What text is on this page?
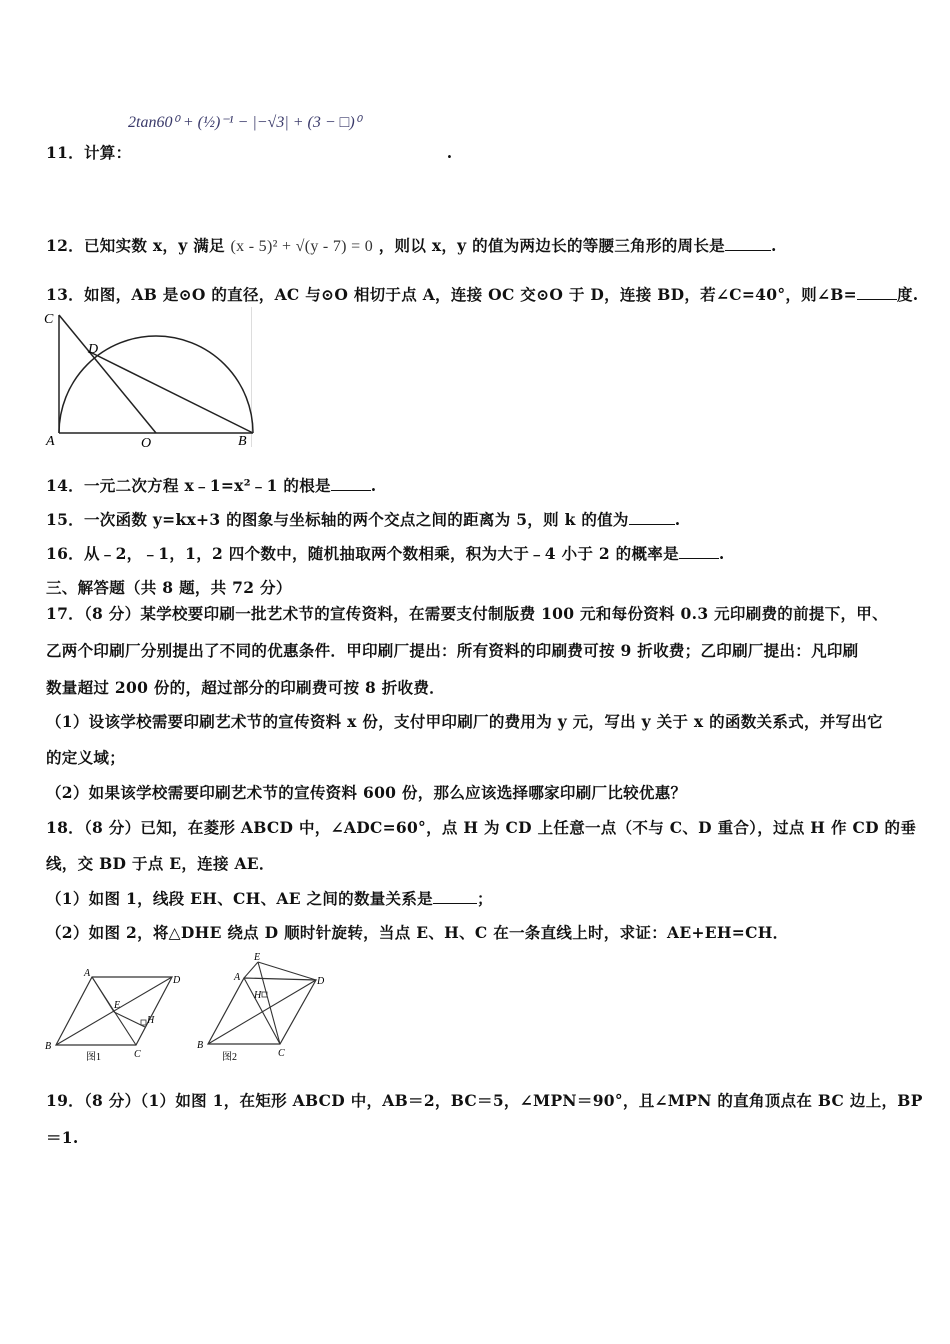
2tan60⁰ + (½)⁻¹ − |−√3| + (3 − □)⁰
11．计算：	.
12．已知实数 x，y 满足 (x - 5)² + √(y - 7) = 0 ，则以 x，y 的值为两边长的等腰三角形的周长是	.
13．如图，AB 是⊙O 的直径，AC 与⊙O 相切于点 A，连接 OC 交⊙O 于 D，连接 BD，若∠C=40°，则∠B=	度.
C
D
A	O	B
14．一元二次方程 x﹣1=x²﹣1 的根是	.
15．一次函数 y=kx+3 的图象与坐标轴的两个交点之间的距离为 5，则 k 的值为	.
16．从﹣2，﹣1，1，2 四个数中，随机抽取两个数相乘，积为大于﹣4 小于 2 的概率是	.
三、解答题（共 8 题，共 72 分）
17．（8 分）某学校要印刷一批艺术节的宣传资料，在需要支付制版费 100 元和每份资料 0.3 元印刷费的前提下，甲、
乙两个印刷厂分别提出了不同的优惠条件．甲印刷厂提出：所有资料的印刷费可按 9 折收费；乙印刷厂提出：凡印刷
数量超过 200 份的，超过部分的印刷费可按 8 折收费．
（1）设该学校需要印刷艺术节的宣传资料 x 份，支付甲印刷厂的费用为 y 元，写出 y 关于 x 的函数关系式，并写出它
的定义域；
（2）如果该学校需要印刷艺术节的宣传资料 600 份，那么应该选择哪家印刷厂比较优惠？
18．（8 分）已知，在菱形 ABCD 中，∠ADC=60°，点 H 为 CD 上任意一点（不与 C、D 重合），过点 H 作 CD 的垂
线，交 BD 于点 E，连接 AE．
（1）如图 1，线段 EH、CH、AE 之间的数量关系是	；
（2）如图 2，将△DHE 绕点 D 顺时针旋转，当点 E、H、C 在一条直线上时，求证：AE+EH=CH．
A
D
B
C
E
H
图1
A
E
H
D
B
C
图2
19．（8 分）（1）如图 1，在矩形 ABCD 中，AB＝2，BC＝5，∠MPN＝90°，且∠MPN 的直角顶点在 BC 边上，BP
＝1.
